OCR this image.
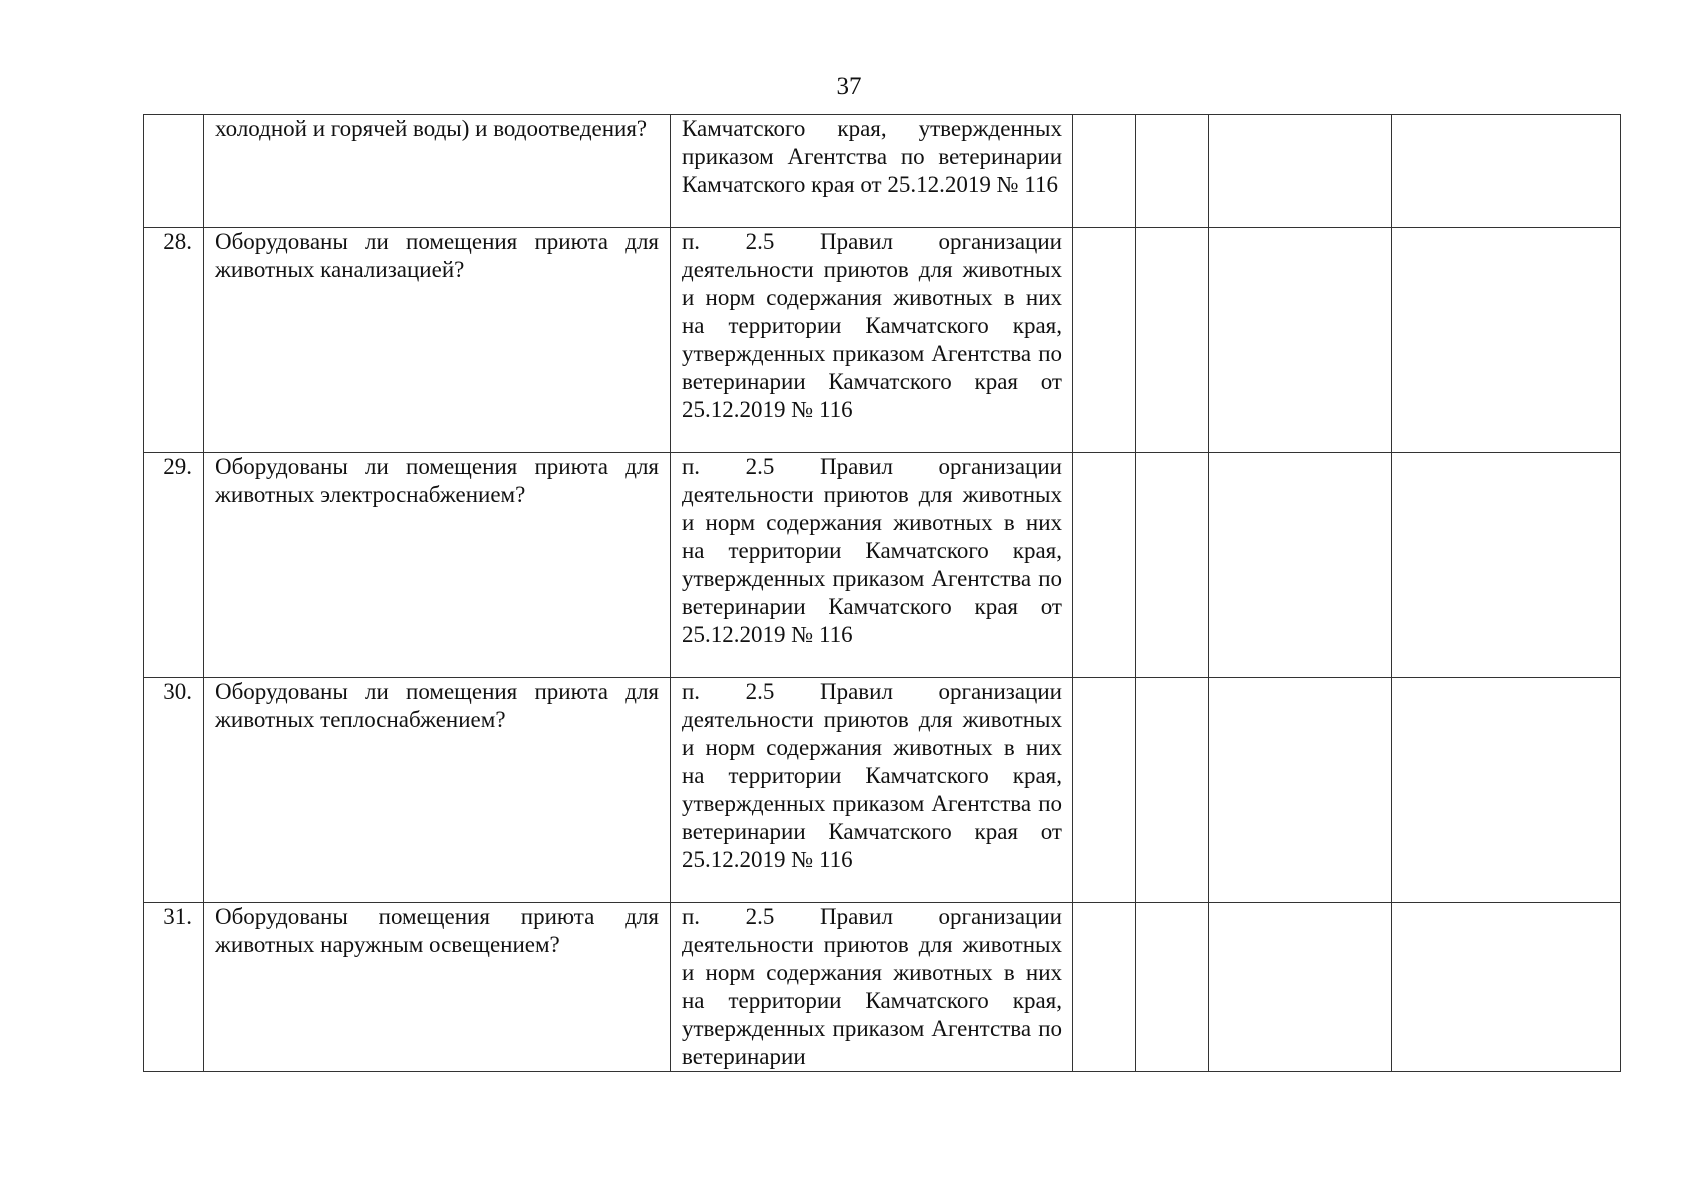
37
	холодной и горячей воды) и водоотведения?	Камчатского края, утвержденных приказом Агентства по ветеринарии Камчатского края от 25.12.2019 № 116				
28.	Оборудованы ли помещения приюта для животных канализацией?	п. 2.5 Правил организации деятельности приютов для животных и норм содержания животных в них на территории Камчатского края, утвержденных приказом Агентства по ветеринарии Камчатского края от 25.12.2019 № 116				
29.	Оборудованы ли помещения приюта для животных электроснабжением?	п. 2.5 Правил организации деятельности приютов для животных и норм содержания животных в них на территории Камчатского края, утвержденных приказом Агентства по ветеринарии Камчатского края от 25.12.2019 № 116				
30.	Оборудованы ли помещения приюта для животных теплоснабжением?	п. 2.5 Правил организации деятельности приютов для животных и норм содержания животных в них на территории Камчатского края, утвержденных приказом Агентства по ветеринарии Камчатского края от 25.12.2019 № 116				
31.	Оборудованы помещения приюта для животных наружным освещением?	п. 2.5 Правил организации деятельности приютов для животных и норм содержания животных в них на территории Камчатского края, утвержденных приказом Агентства по ветеринарии				
